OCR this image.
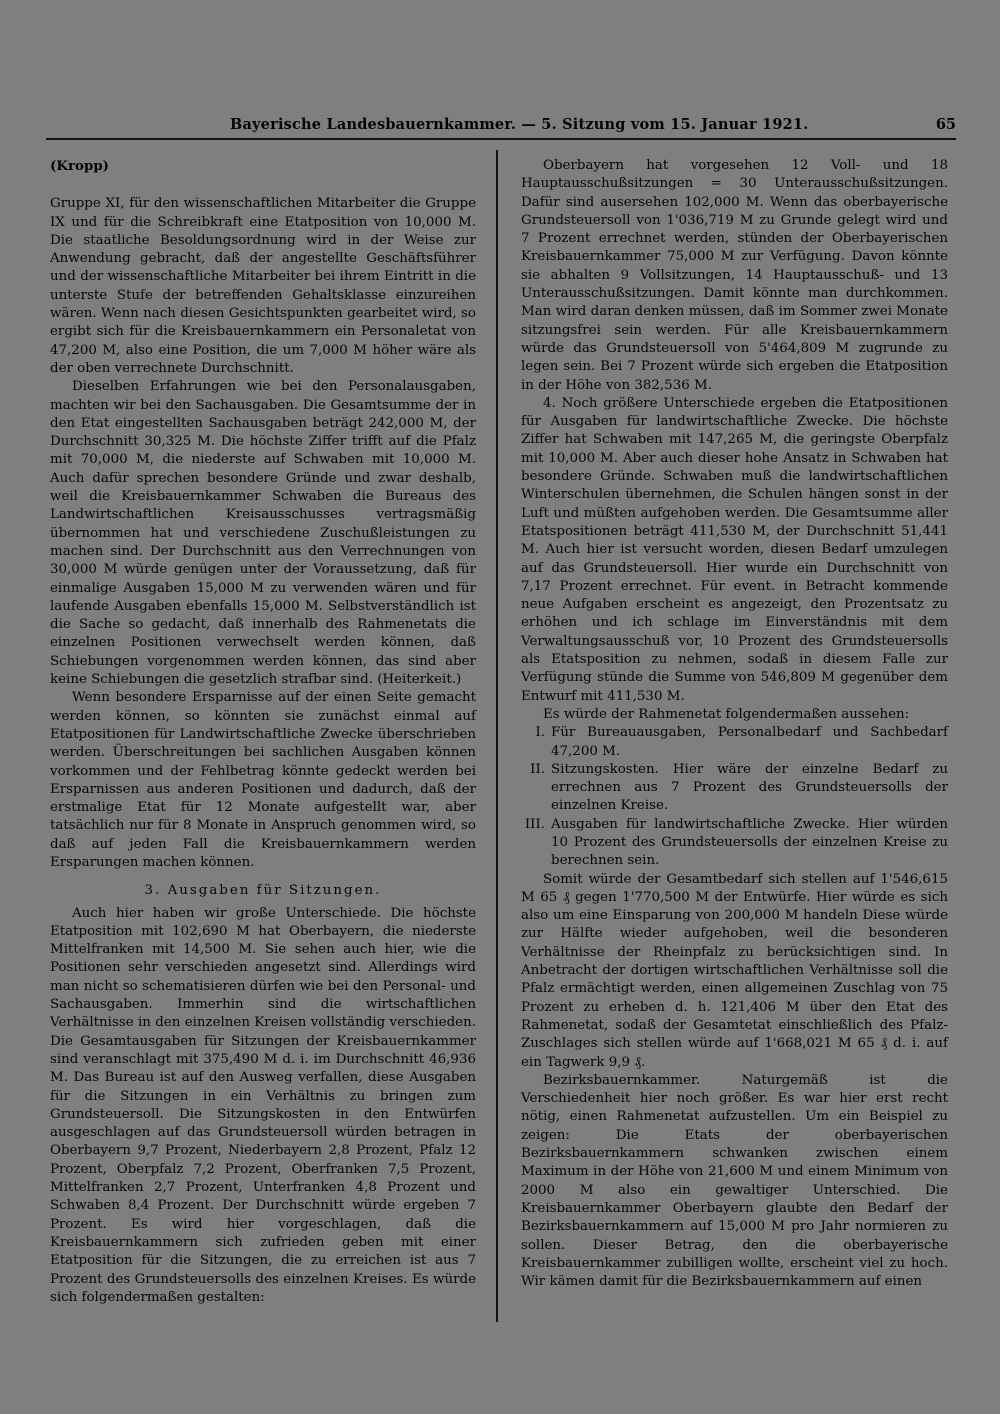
Bayerische Landesbauernkammer. — 5. Sitzung vom 15. Januar 1921.	65

(Kropp)

Gruppe XI, für den wissenschaftlichen Mitarbeiter die Gruppe IX und für die Schreibkraft eine Etatposition von 10,000 M. Die staatliche Besoldungsordnung wird in der Weise zur Anwendung gebracht, daß der angestellte Geschäftsführer und der wissenschaftliche Mitarbeiter bei ihrem Eintritt in die unterste Stufe der betreffenden Gehaltsklasse einzureihen wären. Wenn nach diesen Gesichtspunkten gearbeitet wird, so ergibt sich für die Kreisbauernkammern ein Personaletat von 47,200 M, also eine Position, die um 7,000 M höher wäre als der oben verrechnete Durchschnitt.

Dieselben Erfahrungen wie bei den Personalausgaben, machten wir bei den Sachausgaben. Die Gesamtsumme der in den Etat eingestellten Sachausgaben beträgt 242,000 M, der Durchschnitt 30,325 M. Die höchste Ziffer trifft auf die Pfalz mit 70,000 M, die niederste auf Schwaben mit 10,000 M. Auch dafür sprechen besondere Gründe und zwar deshalb, weil die Kreisbauernkammer Schwaben die Bureaus des Landwirtschaftlichen Kreisausschusses vertragsmäßig übernommen hat und verschiedene Zuschußleistungen zu machen sind. Der Durchschnitt aus den Verrechnungen von 30,000 M würde genügen unter der Voraussetzung, daß für einmalige Ausgaben 15,000 M zu verwenden wären und für laufende Ausgaben ebenfalls 15,000 M. Selbstverständlich ist die Sache so gedacht, daß innerhalb des Rahmenetats die einzelnen Positionen verwechselt werden können, daß Schiebungen vorgenommen werden können, das sind aber keine Schiebungen die gesetzlich strafbar sind. (Heiterkeit.)

Wenn besondere Ersparnisse auf der einen Seite gemacht werden können, so könnten sie zunächst einmal auf Etatpositionen für Landwirtschaftliche Zwecke überschrieben werden. Überschreitungen bei sachlichen Ausgaben können vorkommen und der Fehlbetrag könnte gedeckt werden bei Ersparnissen aus anderen Positionen und dadurch, daß der erstmalige Etat für 12 Monate aufgestellt war, aber tatsächlich nur für 8 Monate in Anspruch genommen wird, so daß auf jeden Fall die Kreisbauernkammern werden Ersparungen machen können.

3. Ausgaben für Sitzungen.

Auch hier haben wir große Unterschiede. Die höchste Etatposition mit 102,690 M hat Oberbayern, die niederste Mittelfranken mit 14,500 M. Sie sehen auch hier, wie die Positionen sehr verschieden angesetzt sind. Allerdings wird man nicht so schematisieren dürfen wie bei den Personal- und Sachausgaben. Immerhin sind die wirtschaftlichen Verhältnisse in den einzelnen Kreisen vollständig verschieden. Die Gesamtausgaben für Sitzungen der Kreisbauernkammer sind veranschlagt mit 375,490 M d. i. im Durchschnitt 46,936 M. Das Bureau ist auf den Ausweg verfallen, diese Ausgaben für die Sitzungen in ein Verhältnis zu bringen zum Grundsteuersoll. Die Sitzungskosten in den Entwürfen ausgeschlagen auf das Grundsteuersoll würden betragen in Oberbayern 9,7 Prozent, Niederbayern 2,8 Prozent, Pfalz 12 Prozent, Oberpfalz 7,2 Prozent, Oberfranken 7,5 Prozent, Mittelfranken 2,7 Prozent, Unterfranken 4,8 Prozent und Schwaben 8,4 Prozent. Der Durchschnitt würde ergeben 7 Prozent. Es wird hier vorgeschlagen, daß die Kreisbauernkammern sich zufrieden geben mit einer Etatposition für die Sitzungen, die zu erreichen ist aus 7 Prozent des Grundsteuersolls des einzelnen Kreises. Es würde sich folgendermaßen gestalten:

Oberbayern hat vorgesehen 12 Voll- und 18 Hauptausschußsitzungen = 30 Unterausschußsitzungen. Dafür sind ausersehen 102,000 M. Wenn das oberbayerische Grundsteuersoll von 1'036,719 M zu Grunde gelegt wird und 7 Prozent errechnet werden, stünden der Oberbayerischen Kreisbauernkammer 75,000 M zur Verfügung. Davon könnte sie abhalten 9 Vollsitzungen, 14 Hauptausschuß- und 13 Unterausschußsitzungen. Damit könnte man durchkommen. Man wird daran denken müssen, daß im Sommer zwei Monate sitzungsfrei sein werden. Für alle Kreisbauernkammern würde das Grundsteuersoll von 5'464,809 M zugrunde zu legen sein. Bei 7 Prozent würde sich ergeben die Etatposition in der Höhe von 382,536 M.

4. Noch größere Unterschiede ergeben die Etatpositionen für Ausgaben für landwirtschaftliche Zwecke. Die höchste Ziffer hat Schwaben mit 147,265 M, die geringste Oberpfalz mit 10,000 M. Aber auch dieser hohe Ansatz in Schwaben hat besondere Gründe. Schwaben muß die landwirtschaftlichen Winterschulen übernehmen, die Schulen hängen sonst in der Luft und müßten aufgehoben werden. Die Gesamtsumme aller Etatspositionen beträgt 411,530 M, der Durchschnitt 51,441 M. Auch hier ist versucht worden, diesen Bedarf umzulegen auf das Grundsteuersoll. Hier wurde ein Durchschnitt von 7,17 Prozent errechnet. Für event. in Betracht kommende neue Aufgaben erscheint es angezeigt, den Prozentsatz zu erhöhen und ich schlage im Einverständnis mit dem Verwaltungsausschuß vor, 10 Prozent des Grundsteuersolls als Etatsposition zu nehmen, sodaß in diesem Falle zur Verfügung stünde die Summe von 546,809 M gegenüber dem Entwurf mit 411,530 M.

Es würde der Rahmenetat folgendermaßen aussehen:

I. Für Bureauausgaben, Personalbedarf und Sachbedarf 47,200 M.
II. Sitzungskosten. Hier wäre der einzelne Bedarf zu errechnen aus 7 Prozent des Grundsteuersolls der einzelnen Kreise.
III. Ausgaben für landwirtschaftliche Zwecke. Hier würden 10 Prozent des Grundsteuersolls der einzelnen Kreise zu berechnen sein.

Somit würde der Gesamtbedarf sich stellen auf 1'546,615 M 65 ₰ gegen 1'770,500 M der Entwürfe. Hier würde es sich also um eine Einsparung von 200,000 M handeln Diese würde zur Hälfte wieder aufgehoben, weil die besonderen Verhältnisse der Rheinpfalz zu berücksichtigen sind. In Anbetracht der dortigen wirtschaftlichen Verhältnisse soll die Pfalz ermächtigt werden, einen allgemeinen Zuschlag von 75 Prozent zu erheben d. h. 121,406 M über den Etat des Rahmenetat, sodaß der Gesamtetat einschließlich des Pfalz-Zuschlages sich stellen würde auf 1'668,021 M 65 ₰ d. i. auf ein Tagwerk 9,9 ₰.

Bezirksbauernkammer. Naturgemäß ist die Verschiedenheit hier noch größer. Es war hier erst recht nötig, einen Rahmenetat aufzustellen. Um ein Beispiel zu zeigen: Die Etats der oberbayerischen Bezirksbauernkammern schwanken zwischen einem Maximum in der Höhe von 21,600 M und einem Minimum von 2000 M also ein gewaltiger Unterschied. Die Kreisbauernkammer Oberbayern glaubte den Bedarf der Bezirksbauernkammern auf 15,000 M pro Jahr normieren zu sollen. Dieser Betrag, den die oberbayerische Kreisbauernkammer zubilligen wollte, erscheint viel zu hoch. Wir kämen damit für die Bezirksbauernkammern auf einen
